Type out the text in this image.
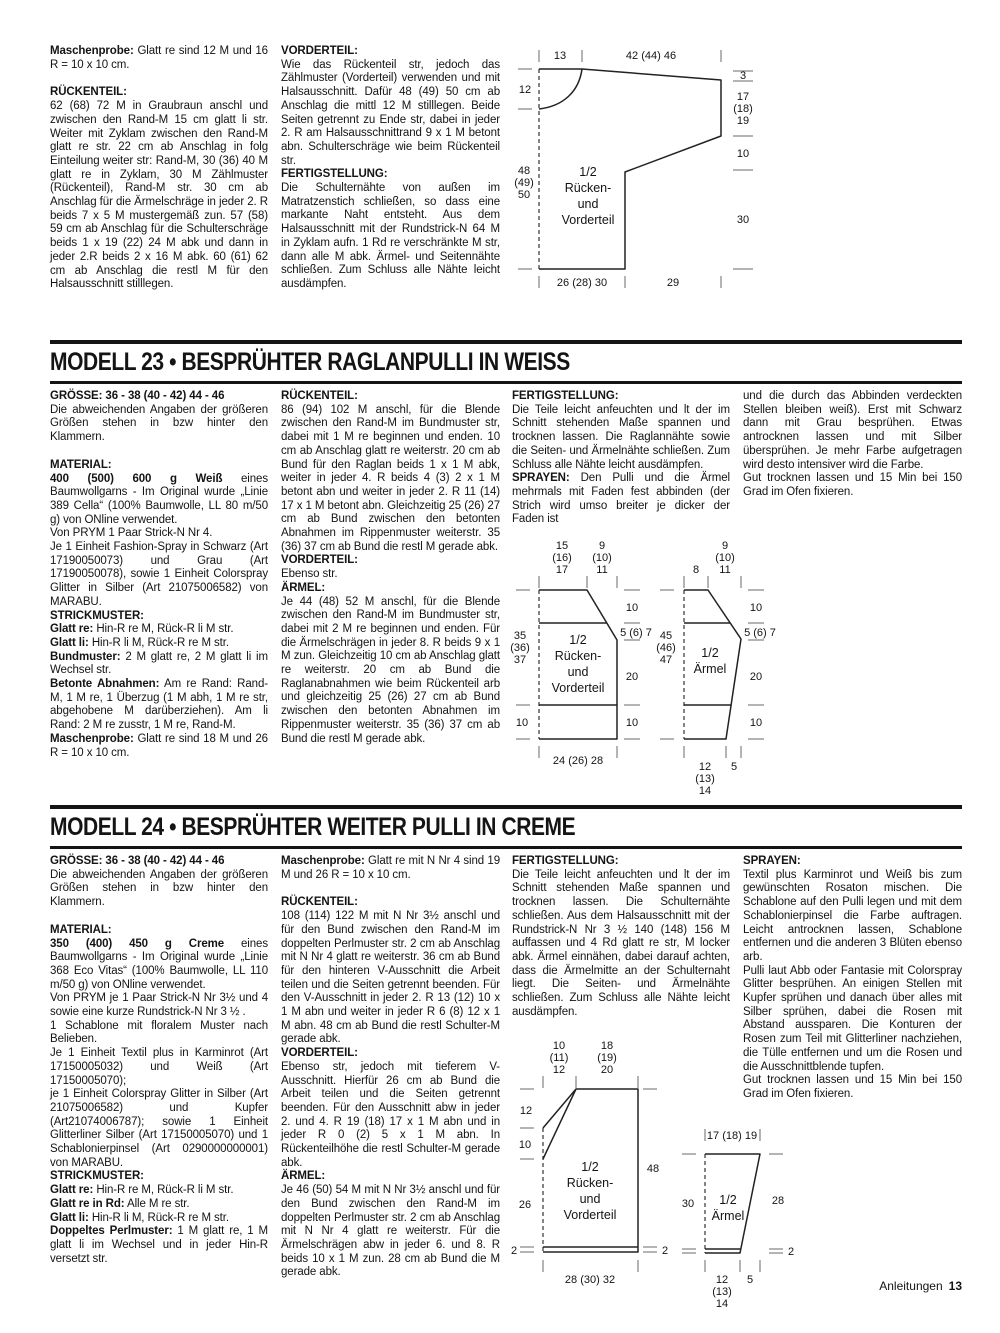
Maschenprobe: Glatt re sind 12 M und 16 R = 10 x 10 cm.
RÜCKENTEIL:
62 (68) 72 M in Graubraun anschl und zwischen den Rand-M 15 cm glatt li str. Weiter mit Zyklam zwischen den Rand-M glatt re str. 22 cm ab Anschlag in folg Einteilung weiter str: Rand-M, 30 (36) 40 M glatt re in Zyklam, 30 M Zählmuster (Rückenteil), Rand-M str. 30 cm ab Anschlag für die Ärmelschräge in jeder 2. R beids 7 x 5 M mustergemäß zun. 57 (58) 59 cm ab Anschlag für die Schulterschräge beids 1 x 19 (22) 24 M abk und dann in jeder 2.R beids 2 x 16 M abk. 60 (61) 62 cm ab Anschlag die restl M für den Halsausschnitt stilllegen.
VORDERTEIL:
Wie das Rückenteil str, jedoch das Zählmuster (Vorderteil) verwenden und mit Halsausschnitt. Dafür 48 (49) 50 cm ab Anschlag die mittl 12 M stilllegen. Beide Seiten getrennt zu Ende str, dabei in jeder 2. R am Halsausschnittrand 9 x 1 M betont abn. Schulterschräge wie beim Rückenteil str.
FERTIGSTELLUNG:
Die Schulternähte von außen im Matratzenstich schließen, so dass eine markante Naht entsteht. Aus dem Halsausschnitt mit der Rundstrick-N 64 M in Zyklam aufn. 1 Rd re verschränkte M str, dann alle M abk. Ärmel- und Seitennähte schließen. Zum Schluss alle Nähte leicht ausdämpfen.
13	42 (44) 46
12
48
(49)
50
3
17
(18)
19
10
30
26 (28) 30	29
1/2
Rücken-
und
Vorderteil
MODELL 23 • BESPRÜHTER RAGLANPULLI IN WEISS
GRÖSSE: 36 - 38 (40 - 42) 44 - 46
Die abweichenden Angaben der größeren Größen stehen in bzw hinter den Klammern.
MATERIAL:
400 (500) 600 g Weiß eines Baumwollgarns - Im Original wurde „Linie 389 Cella“ (100% Baumwolle, LL 80 m/50 g) von ONline verwendet.
Von PRYM 1 Paar Strick-N Nr 4.
Je 1 Einheit Fashion-Spray in Schwarz (Art 17190050073) und Grau (Art 17190050078), sowie 1 Einheit Colorspray Glitter in Silber (Art 21075006582) von MARABU.
STRICKMUSTER:
Glatt re: Hin-R re M, Rück-R li M str.
Glatt li: Hin-R li M, Rück-R re M str.
Bundmuster: 2 M glatt re, 2 M glatt li im Wechsel str.
Betonte Abnahmen: Am re Rand: Rand-M, 1 M re, 1 Überzug (1 M abh, 1 M re str, abgehobene M darüberziehen). Am li Rand: 2 M re zusstr, 1 M re, Rand-M.
Maschenprobe: Glatt re sind 18 M und 26 R = 10 x 10 cm.
RÜCKENTEIL:
86 (94) 102 M anschl, für die Blende zwischen den Rand-M im Bundmuster str, dabei mit 1 M re beginnen und enden. 10 cm ab Anschlag glatt re weiterstr. 20 cm ab Bund für den Raglan beids 1 x 1 M abk, weiter in jeder 4. R beids 4 (3) 2 x 1 M betont abn und weiter in jeder 2. R 11 (14) 17 x 1 M betont abn. Gleichzeitig 25 (26) 27 cm ab Bund zwischen den betonten Abnahmen im Rippenmuster weiterstr. 35 (36) 37 cm ab Bund die restl M gerade abk.
VORDERTEIL:
Ebenso str.
ÄRMEL:
Je 44 (48) 52 M anschl, für die Blende zwischen den Rand-M im Bundmuster str, dabei mit 2 M re beginnen und enden. Für die Ärmelschrägen in jeder 8. R beids 9 x 1 M zun. Gleichzeitig 10 cm ab Anschlag glatt re weiterstr. 20 cm ab Bund die Raglanabnahmen wie beim Rückenteil arb und gleichzeitig 25 (26) 27 cm ab Bund zwischen den betonten Abnahmen im Rippenmuster weiterstr. 35 (36) 37 cm ab Bund die restl M gerade abk.
FERTIGSTELLUNG:
Die Teile leicht anfeuchten und lt der im Schnitt stehenden Maße spannen und trocknen lassen. Die Raglannähte sowie die Seiten- und Ärmelnähte schließen. Zum Schluss alle Nähte leicht ausdämpfen.
SPRAYEN: Den Pulli und die Ärmel mehrmals mit Faden fest abbinden (der Strich wird umso breiter je dicker der Faden ist
und die durch das Abbinden verdeckten Stellen bleiben weiß). Erst mit Schwarz dann mit Grau besprühen. Etwas antrocknen lassen und mit Silber übersprühen. Je mehr Farbe aufgetragen wird desto intensiver wird die Farbe.
Gut trocknen lassen und 15 Min bei 150 Grad im Ofen fixieren.
15
(16)
17
9
(10)
11
35
(36)
37
10
10
5 (6) 7
20
10
24 (26) 28
1/2
Rücken-
und
Vorderteil
8
9
(10)
11
45
(46)
47
10
5 (6) 7
20
10
12
(13)
14
5
1/2
Ärmel
MODELL 24 • BESPRÜHTER WEITER PULLI IN CREME
GRÖSSE: 36 - 38 (40 - 42) 44 - 46
Die abweichenden Angaben der größeren Größen stehen in bzw hinter den Klammern.
MATERIAL:
350 (400) 450 g Creme eines Baumwollgarns - Im Original wurde „Linie 368 Eco Vitas“ (100% Baumwolle, LL 110 m/50 g) von ONline verwendet.
Von PRYM je 1 Paar Strick-N Nr 3½ und 4 sowie eine kurze Rundstrick-N Nr 3 ½ .
1 Schablone mit floralem Muster nach Belieben.
Je 1 Einheit Textil plus in Karminrot (Art 17150005032) und Weiß (Art 17150005070);
je 1 Einheit Colorspray Glitter in Silber (Art 21075006582) und Kupfer (Art21074006787); sowie 1 Einheit Glitterliner Silber (Art 17150005070) und 1 Schablonierpinsel (Art 0290000000001) von MARABU.
STRICKMUSTER:
Glatt re: Hin-R re M, Rück-R li M str.
Glatt re in Rd: Alle M re str.
Glatt li: Hin-R li M, Rück-R re M str.
Doppeltes Perlmuster: 1 M glatt re, 1 M glatt li im Wechsel und in jeder Hin-R versetzt str.
Maschenprobe: Glatt re mit N Nr 4 sind 19 M und 26 R = 10 x 10 cm.
RÜCKENTEIL:
108 (114) 122 M mit N Nr 3½ anschl und für den Bund zwischen den Rand-M im doppelten Perlmuster str. 2 cm ab Anschlag mit N Nr 4 glatt re weiterstr. 36 cm ab Bund für den hinteren V-Ausschnitt die Arbeit teilen und die Seiten getrennt beenden. Für den V-Ausschnitt in jeder 2. R 13 (12) 10 x 1 M abn und weiter in jeder R 6 (8) 12 x 1 M abn. 48 cm ab Bund die restl Schulter-M gerade abk.
VORDERTEIL:
Ebenso str, jedoch mit tieferem V-Ausschnitt. Hierfür 26 cm ab Bund die Arbeit teilen und die Seiten getrennt beenden. Für den Ausschnitt abw in jeder 2. und 4. R 19 (18) 17 x 1 M abn und in jeder R 0 (2) 5 x 1 M abn. In Rückenteilhöhe die restl Schulter-M gerade abk.
ÄRMEL:
Je 46 (50) 54 M mit N Nr 3½ anschl und für den Bund zwischen den Rand-M im doppelten Perlmuster str. 2 cm ab Anschlag mit N Nr 4 glatt re weiterstr. Für die Ärmelschrägen abw in jeder 6. und 8. R beids 10 x 1 M zun. 28 cm ab Bund die M gerade abk.
FERTIGSTELLUNG:
Die Teile leicht anfeuchten und lt der im Schnitt stehenden Maße spannen und trocknen lassen. Die Schulternähte schließen. Aus dem Halsausschnitt mit der Rundstrick-N Nr 3 ½ 140 (148) 156 M auffassen und 4 Rd glatt re str, M locker abk. Ärmel einnähen, dabei darauf achten, dass die Ärmelmitte an der Schulternaht liegt. Die Seiten- und Ärmelnähte schließen. Zum Schluss alle Nähte leicht ausdämpfen.
SPRAYEN:
Textil plus Karminrot und Weiß bis zum gewünschten Rosaton mischen. Die Schablone auf den Pulli legen und mit dem Schablonierpinsel die Farbe auftragen. Leicht antrocknen lassen, Schablone entfernen und die anderen 3 Blüten ebenso arb.
Pulli laut Abb oder Fantasie mit Colorspray Glitter besprühen. An einigen Stellen mit Kupfer sprühen und danach über alles mit Silber sprühen, dabei die Rosen mit Abstand aussparen. Die Konturen der Rosen zum Teil mit Glitterliner nachziehen, die Tülle entfernen und um die Rosen und die Ausschnittblende tupfen.
Gut trocknen lassen und 15 Min bei 150 Grad im Ofen fixieren.
10
(11)
12
18
(19)
20
12
10
26
2
48
2
28 (30) 32
1/2
Rücken-
und
Vorderteil
17 (18) 19
30	28
2
12
(13)
14
5
1/2
Ärmel
Anleitungen 13
